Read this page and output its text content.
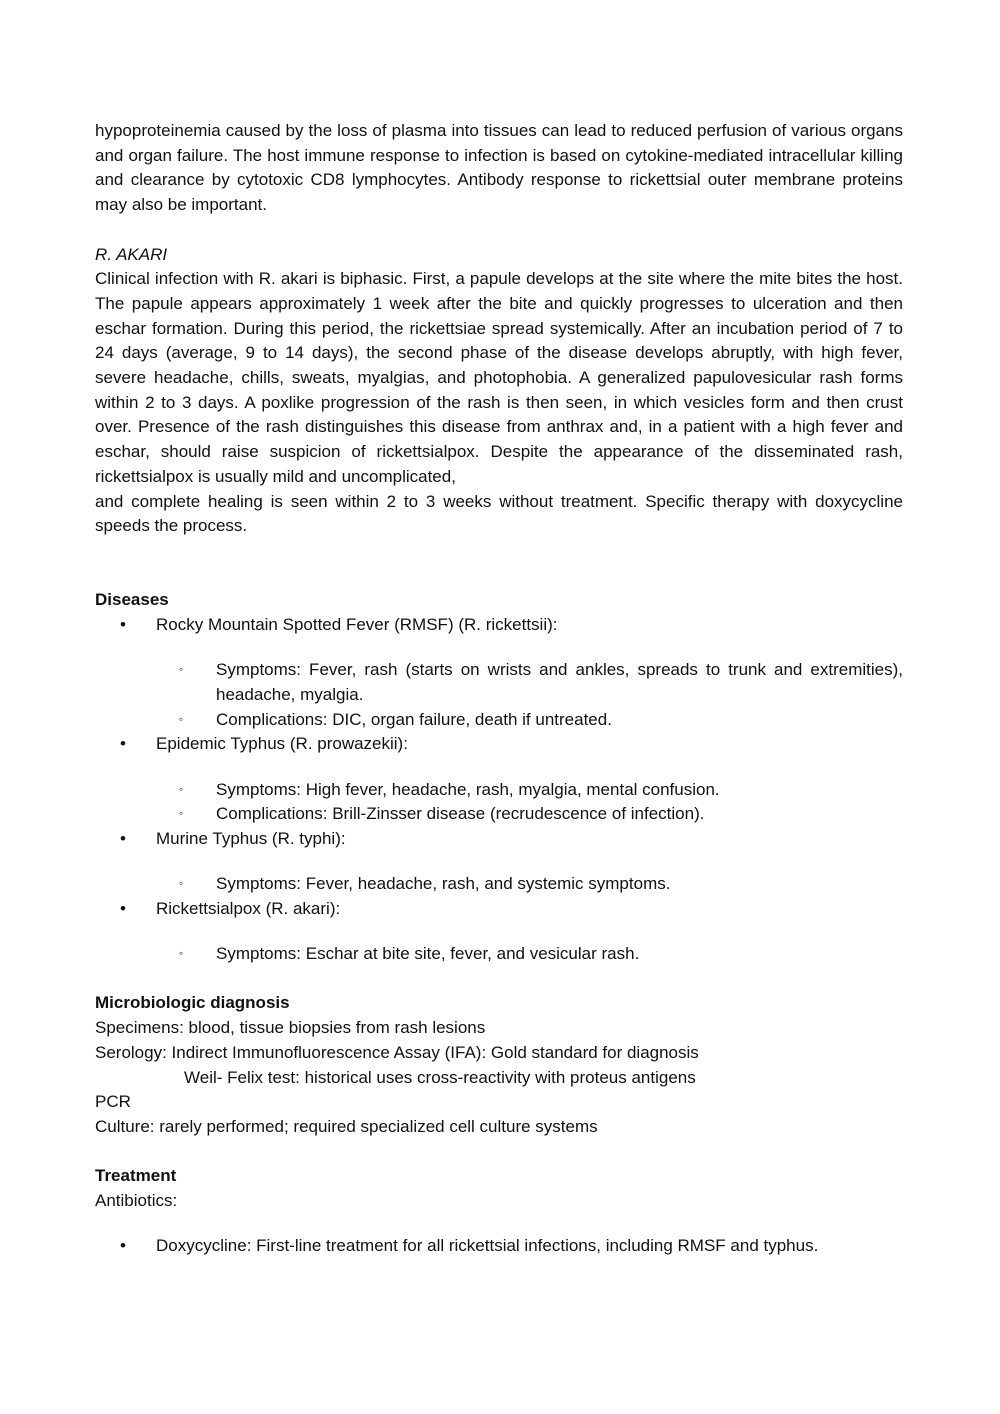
hypoproteinemia caused by the loss of plasma into tissues can lead to reduced perfusion of various organs and organ failure. The host immune response to infection is based on cytokine-mediated intracellular killing and clearance by cytotoxic CD8 lymphocytes. Antibody response to rickettsial outer membrane proteins may also be important.

R. AKARI

Clinical infection with R. akari is biphasic. First, a papule develops at the site where the mite bites the host. The papule appears approximately 1 week after the bite and quickly progresses to ulceration and then eschar formation. During this period, the rickettsiae spread systemically. After an incubation period of 7 to 24 days (average, 9 to 14 days), the second phase of the disease develops abruptly, with high fever, severe headache, chills, sweats, myalgias, and photophobia. A generalized papulovesicular rash forms within 2 to 3 days. A poxlike progression of the rash is then seen, in which vesicles form and then crust over. Presence of the rash distinguishes this disease from anthrax and, in a patient with a high fever and eschar, should raise suspicion of rickettsialpox. Despite the appearance of the disseminated rash, rickettsialpox is usually mild and uncomplicated,

and complete healing is seen within 2 to 3 weeks without treatment. Specific therapy with doxycycline speeds the process.

Diseases

•	Rocky Mountain Spotted Fever (RMSF) (R. rickettsii):
◦	Symptoms: Fever, rash (starts on wrists and ankles, spreads to trunk and extremities), headache, myalgia.

◦	Complications: DIC, organ failure, death if untreated.

•	Epidemic Typhus (R. prowazekii):
◦	Symptoms: High fever, headache, rash, myalgia, mental confusion.

◦	Complications: Brill-Zinsser disease (recrudescence of infection).

•	Murine Typhus (R. typhi):
◦	Symptoms: Fever, headache, rash, and systemic symptoms.

•	Rickettsialpox (R. akari):
◦	Symptoms: Eschar at bite site, fever, and vesicular rash.

Microbiologic diagnosis

Specimens: blood, tissue biopsies from rash lesions

Serology: Indirect Immunofluorescence Assay (IFA): Gold standard for diagnosis

Weil- Felix test: historical uses cross-reactivity with proteus antigens

PCR

Culture: rarely performed; required specialized cell culture systems

Treatment

Antibiotics:

•	Doxycycline: First-line treatment for all rickettsial infections, including RMSF and typhus.
